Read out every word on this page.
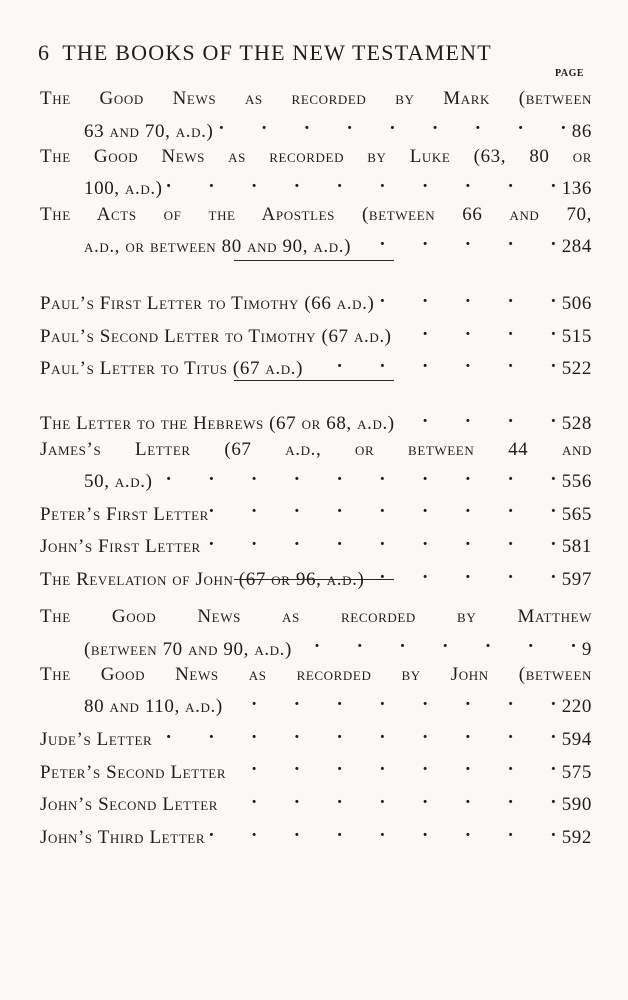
6 THE BOOKS OF THE NEW TESTAMENT
PAGE
The Good News as recorded by Mark (between
63 and 70, a.d.) .	86
The Good News as recorded by Luke (63, 80 or
100, a.d.) .	136
The Acts of the Apostles (between 66 and 70,
a.d., or between 80 and 90, a.d.) .	284
Paul’s First Letter to Timothy (66 a.d.) .	506
Paul’s Second Letter to Timothy (67 a.d.) .	515
Paul’s Letter to Titus (67 a.d.) .	522
The Letter to the Hebrews (67 or 68, a.d.) .	528
James’s Letter (67 a.d., or between 44 and
50, a.d.) .	556
Peter’s First Letter .	565
John’s First Letter .	581
The Revelation of John (67 or 96, a.d.) .	597
The Good News as recorded by Matthew
(between 70 and 90, a.d.) .	9
The Good News as recorded by John (between
80 and 110, a.d.) .	220
Jude’s Letter .	594
Peter’s Second Letter .	575
John’s Second Letter .	590
John’s Third Letter .	592
